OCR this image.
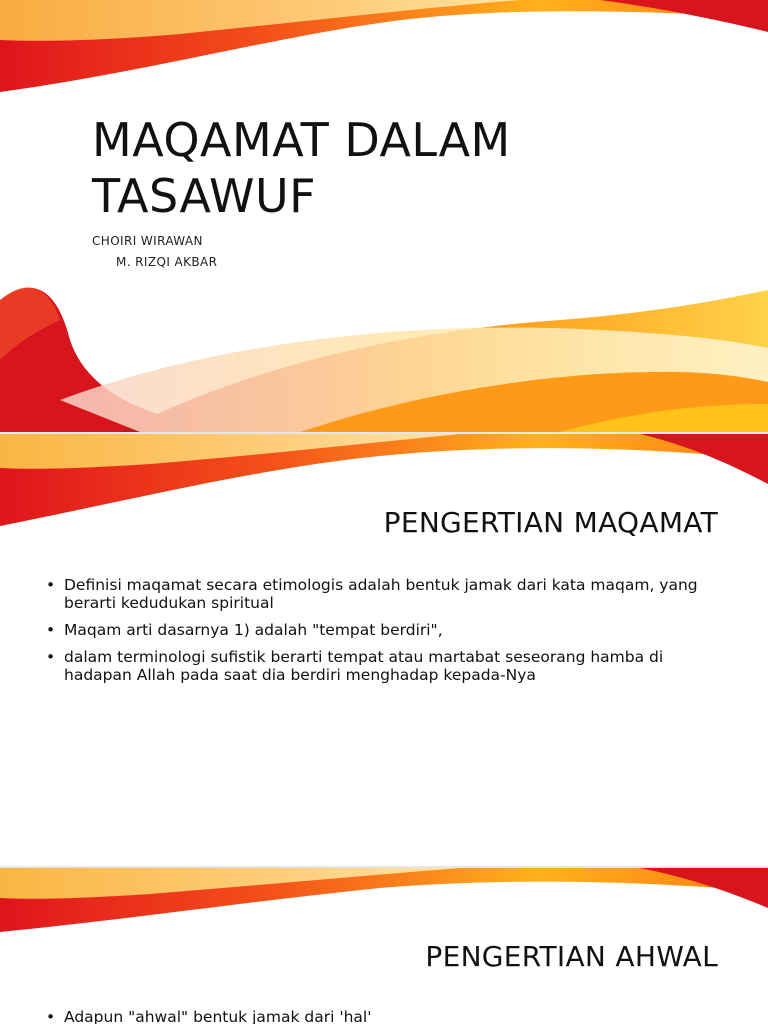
MAQAMAT DALAM TASAWUF

CHOIRI WIRAWAN

M. RIZQI AKBAR

PENGERTIAN MAQAMAT
• Definisi maqamat secara etimologis adalah bentuk jamak dari kata maqam, yang berarti kedudukan spiritual
• Maqam arti dasarnya 1) adalah "tempat berdiri",
• dalam terminologi sufistik berarti tempat atau martabat seseorang hamba di hadapan Allah pada saat dia berdiri menghadap kepada-Nya
PENGERTIAN AHWAL
• Adapun "ahwal" bentuk jamak dari 'hal'
